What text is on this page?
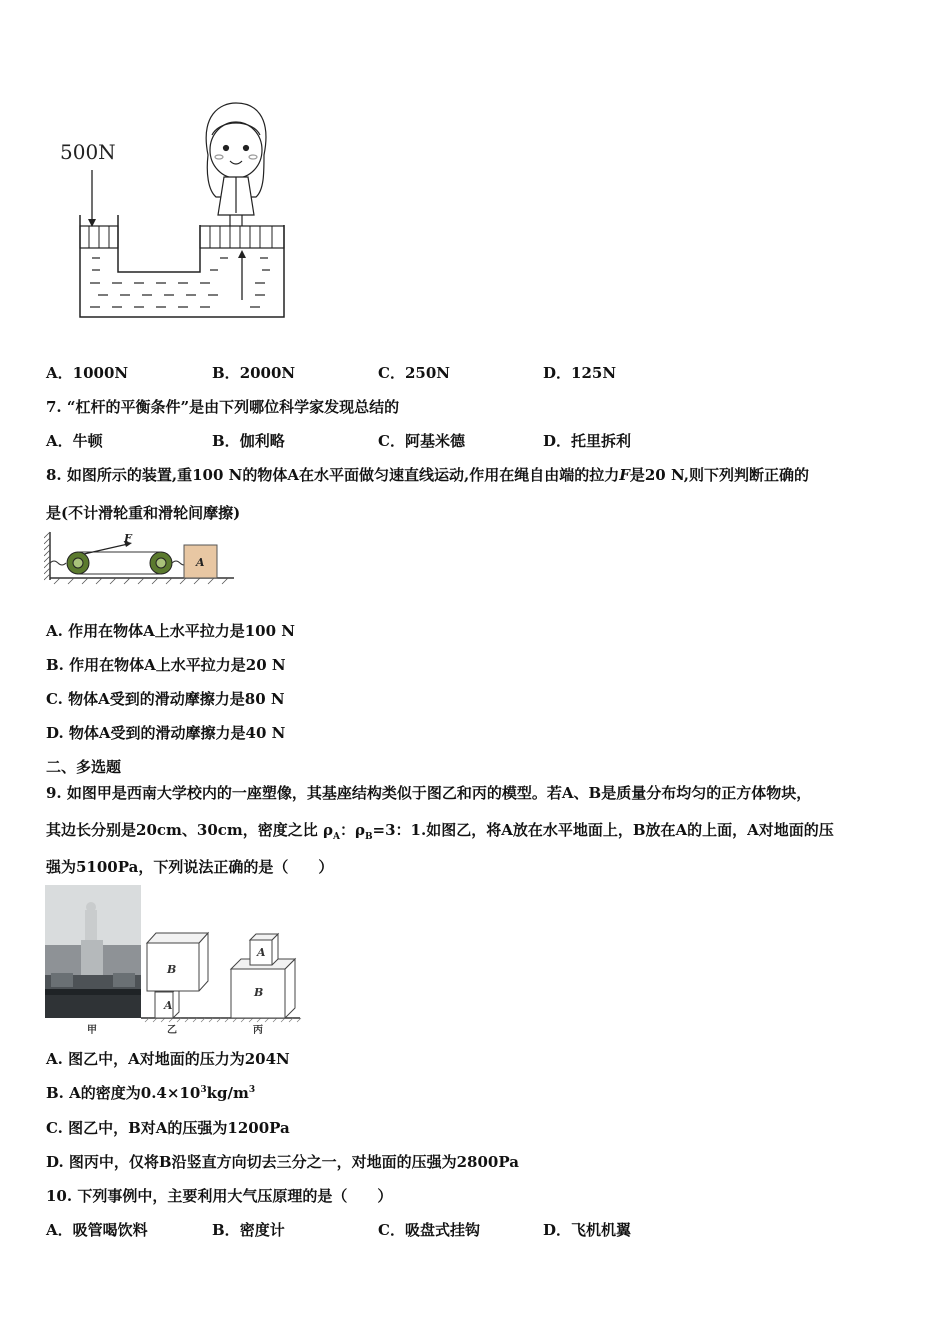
500N
A．1000N	B．2000N	C．250N	D．125N
7. “杠杆的平衡条件”是由下列哪位科学家发现总结的
A．牛顿	B．伽利略	C．阿基米德	D．托里拆利
8. 如图所示的装置,重100 N的物体A在水平面做匀速直线运动,作用在绳自由端的拉力F是20 N,则下列判断正确的
是(不计滑轮重和滑轮间摩擦)
F
A
A. 作用在物体A上水平拉力是100 N
B. 作用在物体A上水平拉力是20 N
C. 物体A受到的滑动摩擦力是80 N
D. 物体A受到的滑动摩擦力是40 N
二、多选题
9. 如图甲是西南大学校内的一座塑像，其基座结构类似于图乙和丙的模型。若A、B是质量分布均匀的正方体物块，
其边长分别是20cm、30cm，密度之比 $\rho_A$：$\rho_B=3$：1.如图乙，将A放在水平地面上，B放在A的上面，A对地面的压
强为5100Pa，下列说法正确的是（　　）
B
A
A
B
甲	乙	丙
A. 图乙中，A对地面的压力为204N
B. A的密度为$0.4\times 10^3kg/m^3$
C. 图乙中，B对A的压强为1200Pa
D. 图丙中，仅将B沿竖直方向切去三分之一，对地面的压强为2800Pa
10. 下列事例中，主要利用大气压原理的是（　　）
A．吸管喝饮料	B．密度计	C．吸盘式挂钩	D．飞机机翼
